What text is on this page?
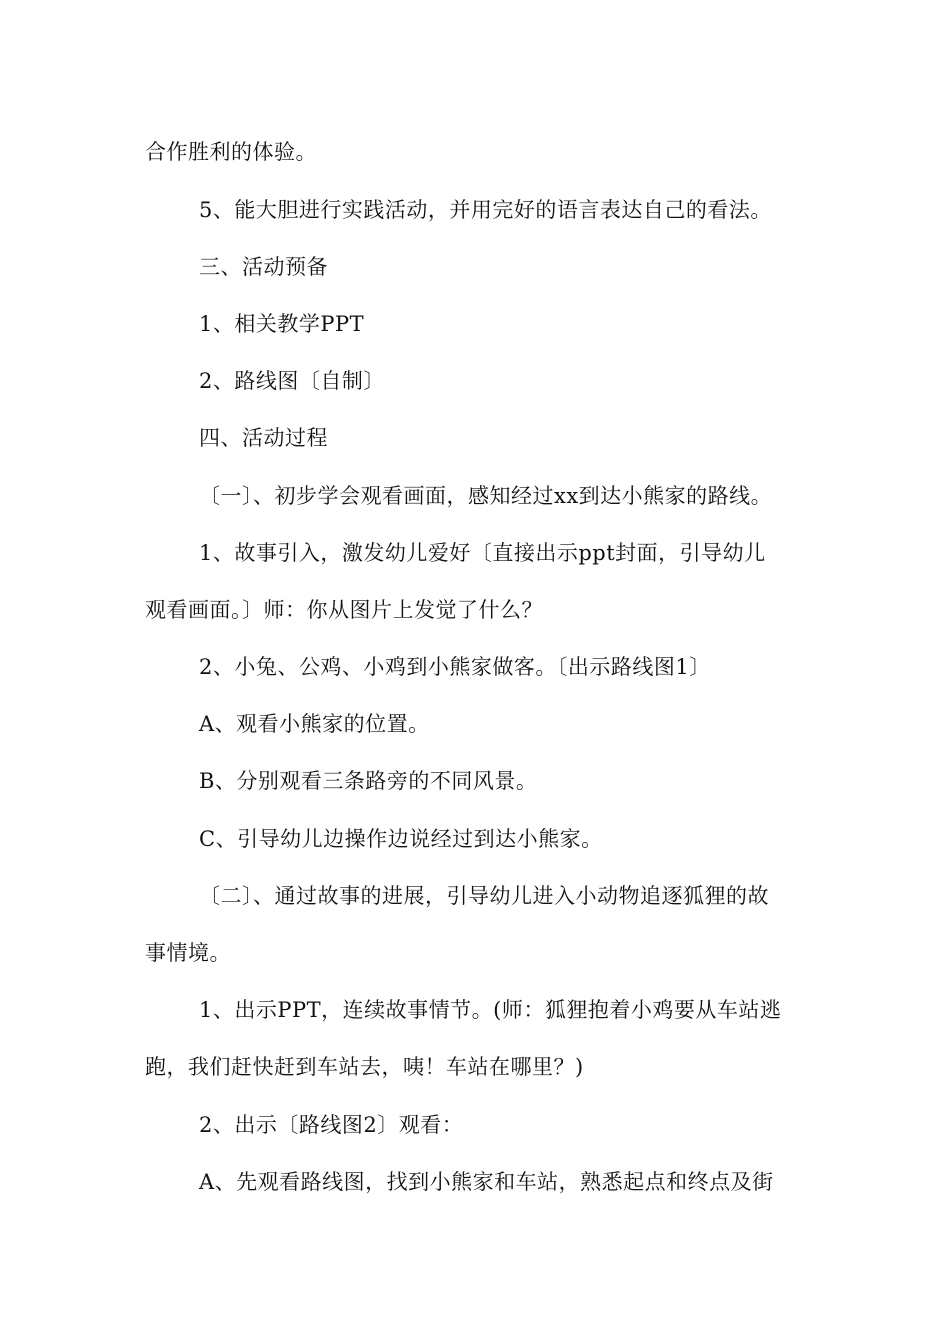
合作胜利的体验。
5、能大胆进行实践活动，并用完好的语言表达自己的看法。
三、活动预备
1、相关教学PPT
2、路线图〔自制〕
四、活动过程
〔一〕、初步学会观看画面，感知经过xx到达小熊家的路线。
1、故事引入，激发幼儿爱好〔直接出示ppt封面，引导幼儿
观看画面。〕师：你从图片上发觉了什么？
2、小兔、公鸡、小鸡到小熊家做客。〔出示路线图1〕
A、观看小熊家的位置。
B、分别观看三条路旁的不同风景。
C、引导幼儿边操作边说经过到达小熊家。
〔二〕、通过故事的进展，引导幼儿进入小动物追逐狐狸的故
事情境。
1、出示PPT，连续故事情节。(师：狐狸抱着小鸡要从车站逃
跑，我们赶快赶到车站去，咦！车站在哪里？)
2、出示〔路线图2〕观看：
A、先观看路线图，找到小熊家和车站，熟悉起点和终点及街
